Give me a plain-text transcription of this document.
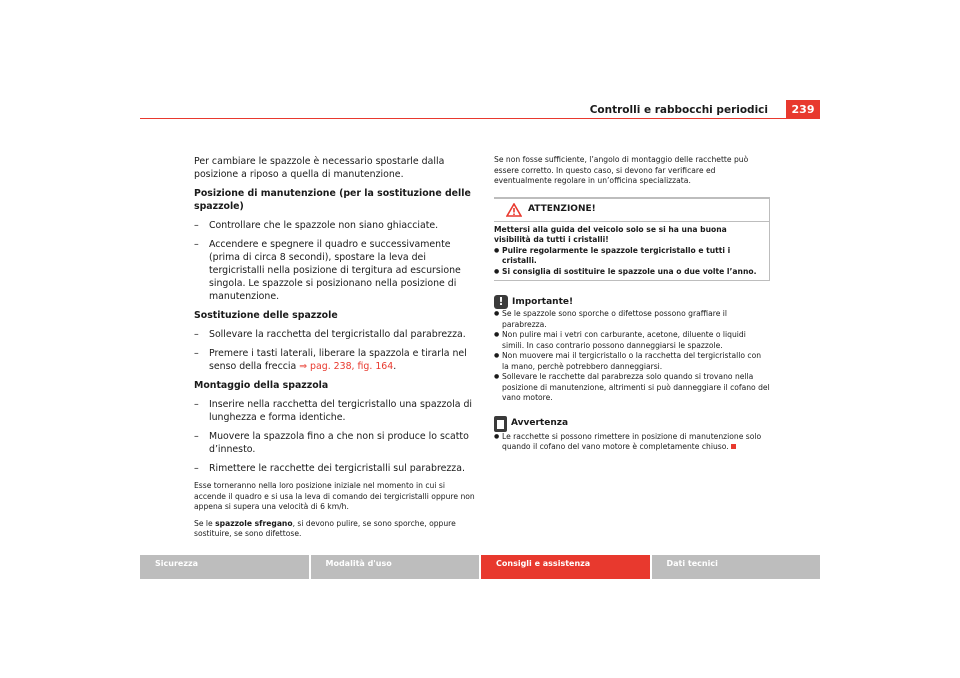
Controlli e rabbocchi periodici	239

Per cambiare le spazzole è necessario spostarle dalla posizione a riposo a quella di manutenzione.

Posizione di manutenzione (per la sostituzione delle spazzole)

– Controllare che le spazzole non siano ghiacciate.

– Accendere e spegnere il quadro e successivamente (prima di circa 8 secondi), spostare la leva dei tergicristalli nella posizione di tergitura ad escursione singola. Le spazzole si posizionano nella posizione di manutenzione.

Sostituzione delle spazzole

– Sollevare la racchetta del tergicristallo dal parabrezza.

– Premere i tasti laterali, liberare la spazzola e tirarla nel senso della freccia ⇒ pag. 238, fig. 164.

Montaggio della spazzola

– Inserire nella racchetta del tergicristallo una spazzola di lunghezza e forma identiche.

– Muovere la spazzola fino a che non si produce lo scatto d’innesto.

– Rimettere le racchette dei tergicristalli sul parabrezza.

Esse torneranno nella loro posizione iniziale nel momento in cui si accende il quadro e si usa la leva di comando dei tergicristalli oppure non appena si supera una velocità di 6 km/h.

Se le spazzole sfregano, si devono pulire, se sono sporche, oppure sostituire, se sono difettose.

Se non fosse sufficiente, l’angolo di montaggio delle racchette può essere corretto. In questo caso, si devono far verificare ed eventualmente regolare in un’officina specializzata.

ATTENZIONE!

Mettersi alla guida del veicolo solo se si ha una buona visibilità da tutti i cristalli!

● Pulire regolarmente le spazzole tergicristallo e tutti i cristalli.

● Si consiglia di sostituire le spazzole una o due volte l’anno.

! Importante!

● Se le spazzole sono sporche o difettose possono graffiare il parabrezza.

● Non pulire mai i vetri con carburante, acetone, diluente o liquidi simili. In caso contrario possono danneggiarsi le spazzole.

● Non muovere mai il tergicristallo o la racchetta del tergicristallo con la mano, perchè potrebbero danneggiarsi.

● Sollevare le racchette dal parabrezza solo quando si trovano nella posizione di manutenzione, altrimenti si può danneggiare il cofano del vano motore.

Avvertenza

● Le racchette si possono rimettere in posizione di manutenzione solo quando il cofano del vano motore è completamente chiuso.

Sicurezza	Modalità d'uso	Consigli e assistenza	Dati tecnici
